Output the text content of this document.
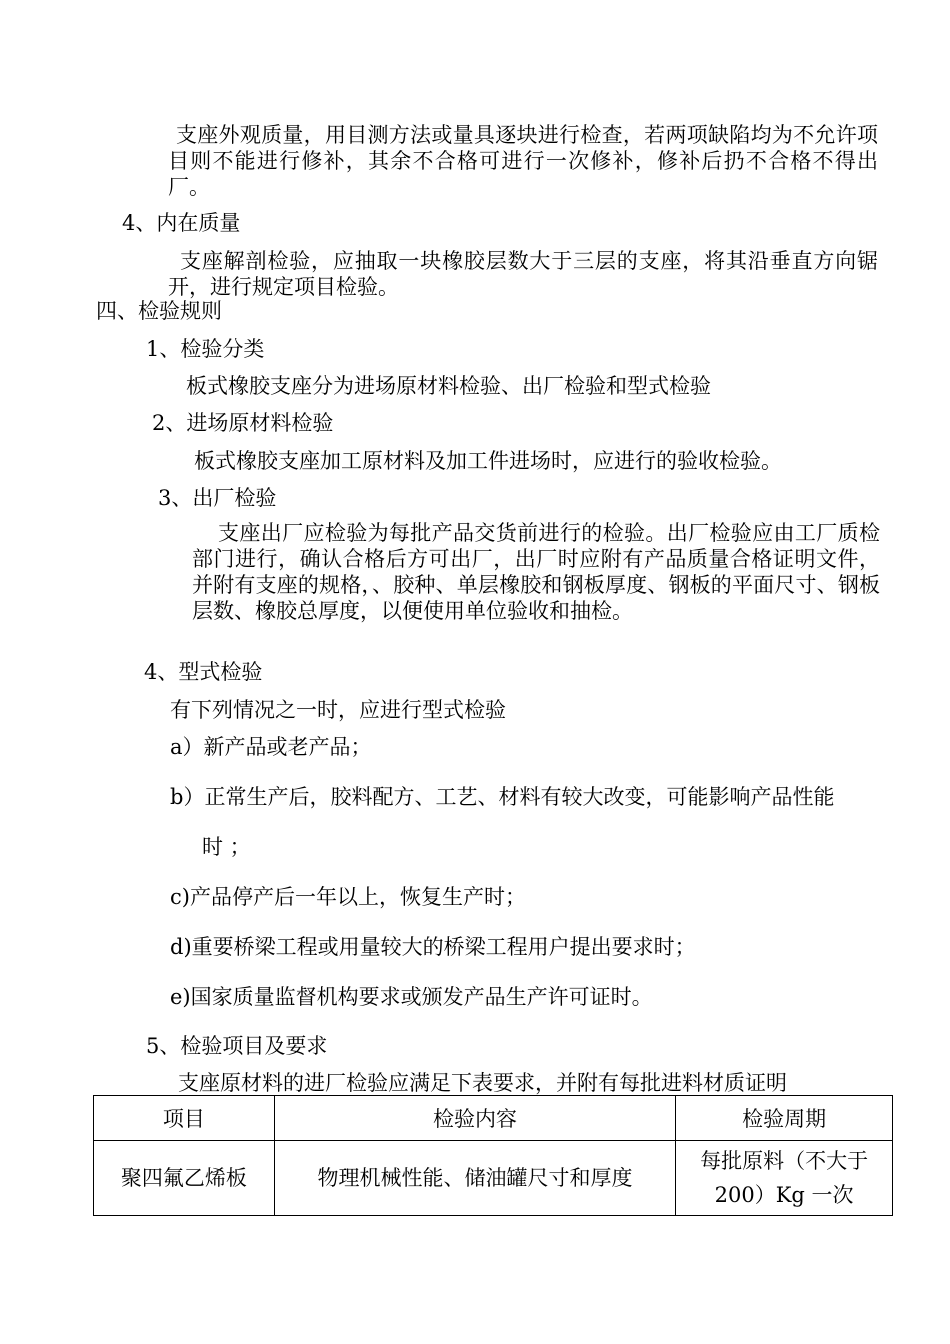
支座外观质量，用目测方法或量具逐块进行检查，若两项缺陷均为不允许项目则不能进行修补，其余不合格可进行一次修补，修补后扔不合格不得出厂。
4、内在质量
支座解剖检验，应抽取一块橡胶层数大于三层的支座，将其沿垂直方向锯开，进行规定项目检验。
四、检验规则
1、检验分类
板式橡胶支座分为进场原材料检验、出厂检验和型式检验
2、进场原材料检验
板式橡胶支座加工原材料及加工件进场时，应进行的验收检验。
3、出厂检验
支座出厂应检验为每批产品交货前进行的检验。出厂检验应由工厂质检部门进行，确认合格后方可出厂，出厂时应附有产品质量合格证明文件，并附有支座的规格，、胶种、单层橡胶和钢板厚度、钢板的平面尺寸、钢板层数、橡胶总厚度，以便使用单位验收和抽检。
4、型式检验
有下列情况之一时，应进行型式检验
a）新产品或老产品；
b）正常生产后，胶料配方、工艺、材料有较大改变，可能影响产品性能
时 ；
c)产品停产后一年以上，恢复生产时；
d)重要桥梁工程或用量较大的桥梁工程用户提出要求时；
e)国家质量监督机构要求或颁发产品生产许可证时。
5、检验项目及要求
支座原材料的进厂检验应满足下表要求，并附有每批进料材质证明
项目	检验内容	检验周期
聚四氟乙烯板	物理机械性能、储油罐尺寸和厚度	每批原料（不大于200）Kg 一次
